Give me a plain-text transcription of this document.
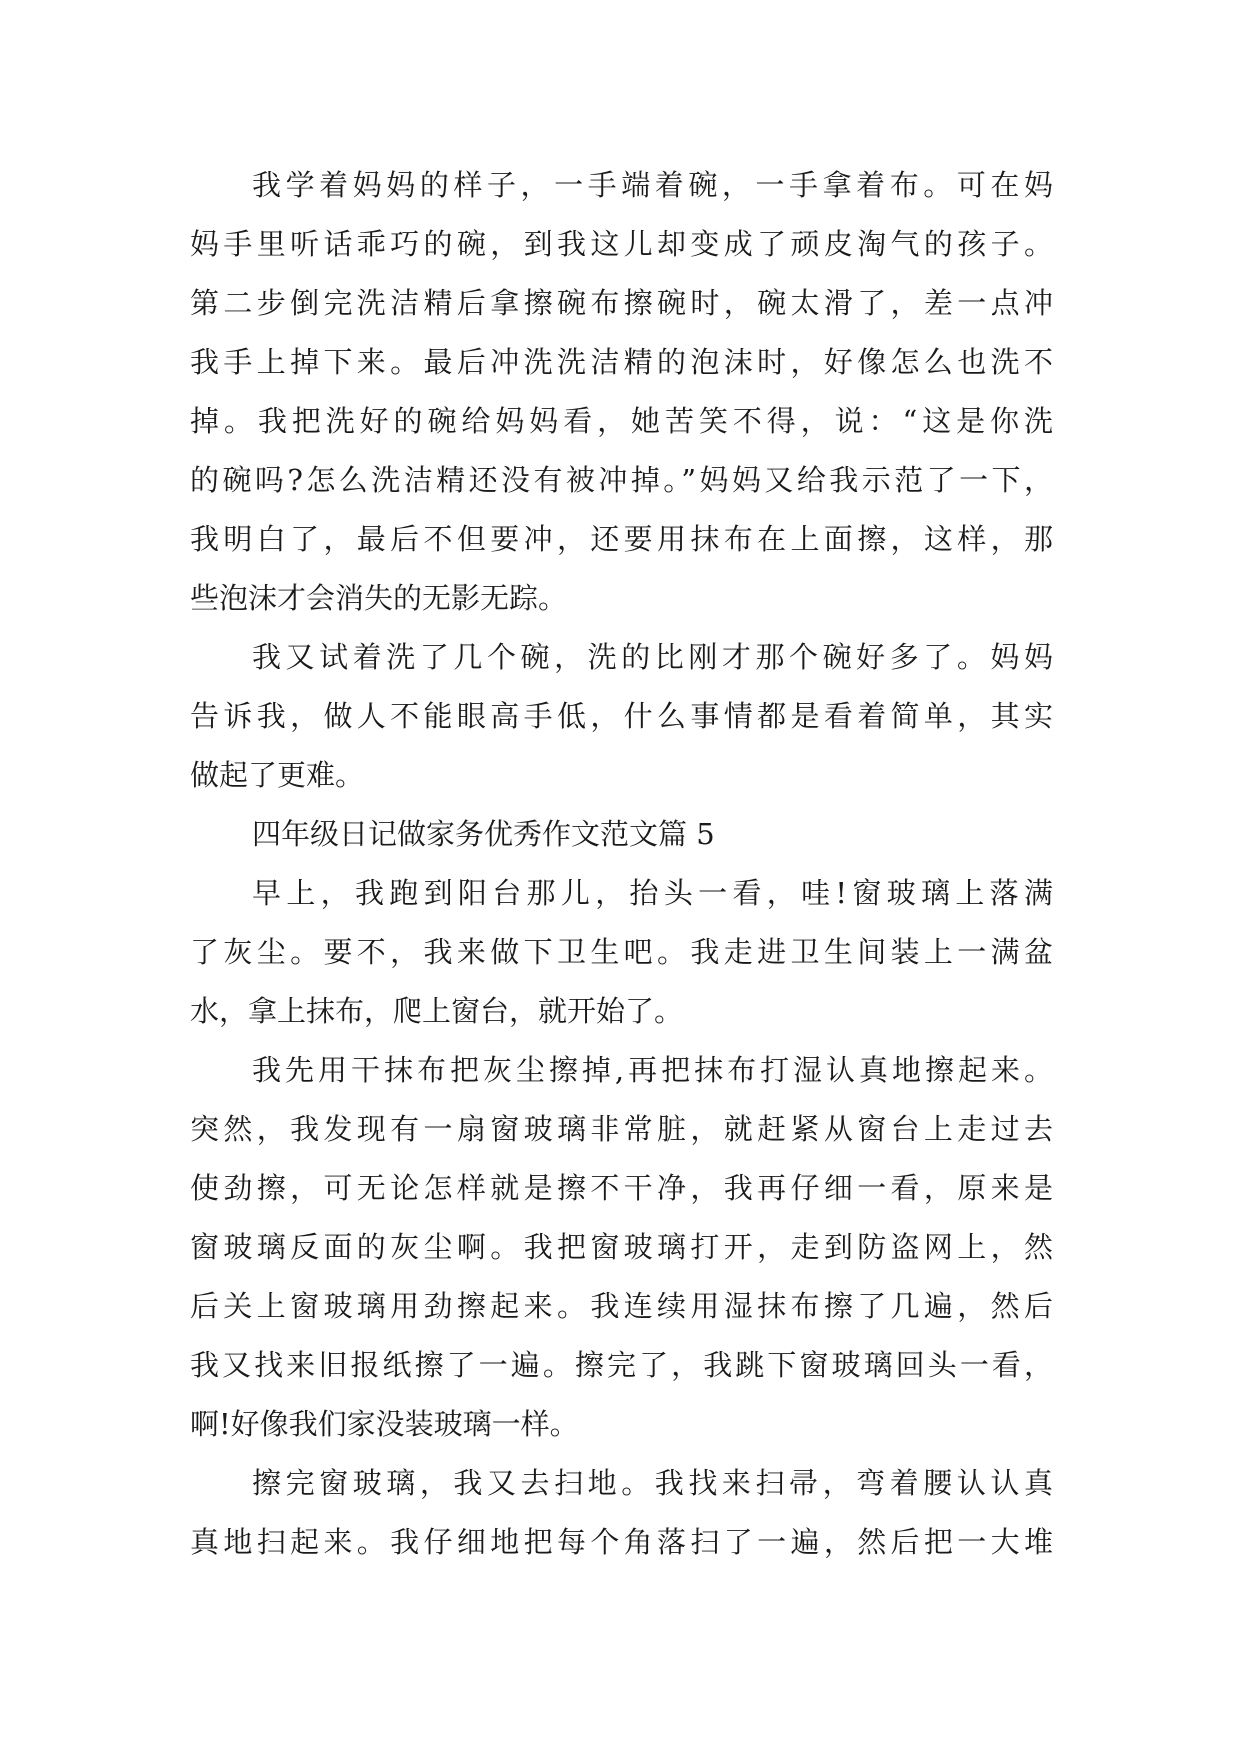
我学着妈妈的样子，一手端着碗，一手拿着布。可在妈
妈手里听话乖巧的碗，到我这儿却变成了顽皮淘气的孩子。
第二步倒完洗洁精后拿擦碗布擦碗时，碗太滑了，差一点冲
我手上掉下来。最后冲洗洗洁精的泡沫时，好像怎么也洗不
掉。我把洗好的碗给妈妈看，她苦笑不得，说：“这是你洗
的碗吗?怎么洗洁精还没有被冲掉。”妈妈又给我示范了一下，
我明白了，最后不但要冲，还要用抹布在上面擦，这样，那
些泡沫才会消失的无影无踪。
我又试着洗了几个碗，洗的比刚才那个碗好多了。妈妈
告诉我，做人不能眼高手低，什么事情都是看着简单，其实
做起了更难。
四年级日记做家务优秀作文范文篇 5
早上，我跑到阳台那儿，抬头一看，哇!窗玻璃上落满
了灰尘。要不，我来做下卫生吧。我走进卫生间装上一满盆
水，拿上抹布，爬上窗台，就开始了。
我先用干抹布把灰尘擦掉,再把抹布打湿认真地擦起来。
突然，我发现有一扇窗玻璃非常脏，就赶紧从窗台上走过去
使劲擦，可无论怎样就是擦不干净，我再仔细一看，原来是
窗玻璃反面的灰尘啊。我把窗玻璃打开，走到防盗网上，然
后关上窗玻璃用劲擦起来。我连续用湿抹布擦了几遍，然后
我又找来旧报纸擦了一遍。擦完了，我跳下窗玻璃回头一看，
啊!好像我们家没装玻璃一样。
擦完窗玻璃，我又去扫地。我找来扫帚，弯着腰认认真
真地扫起来。我仔细地把每个角落扫了一遍，然后把一大堆
